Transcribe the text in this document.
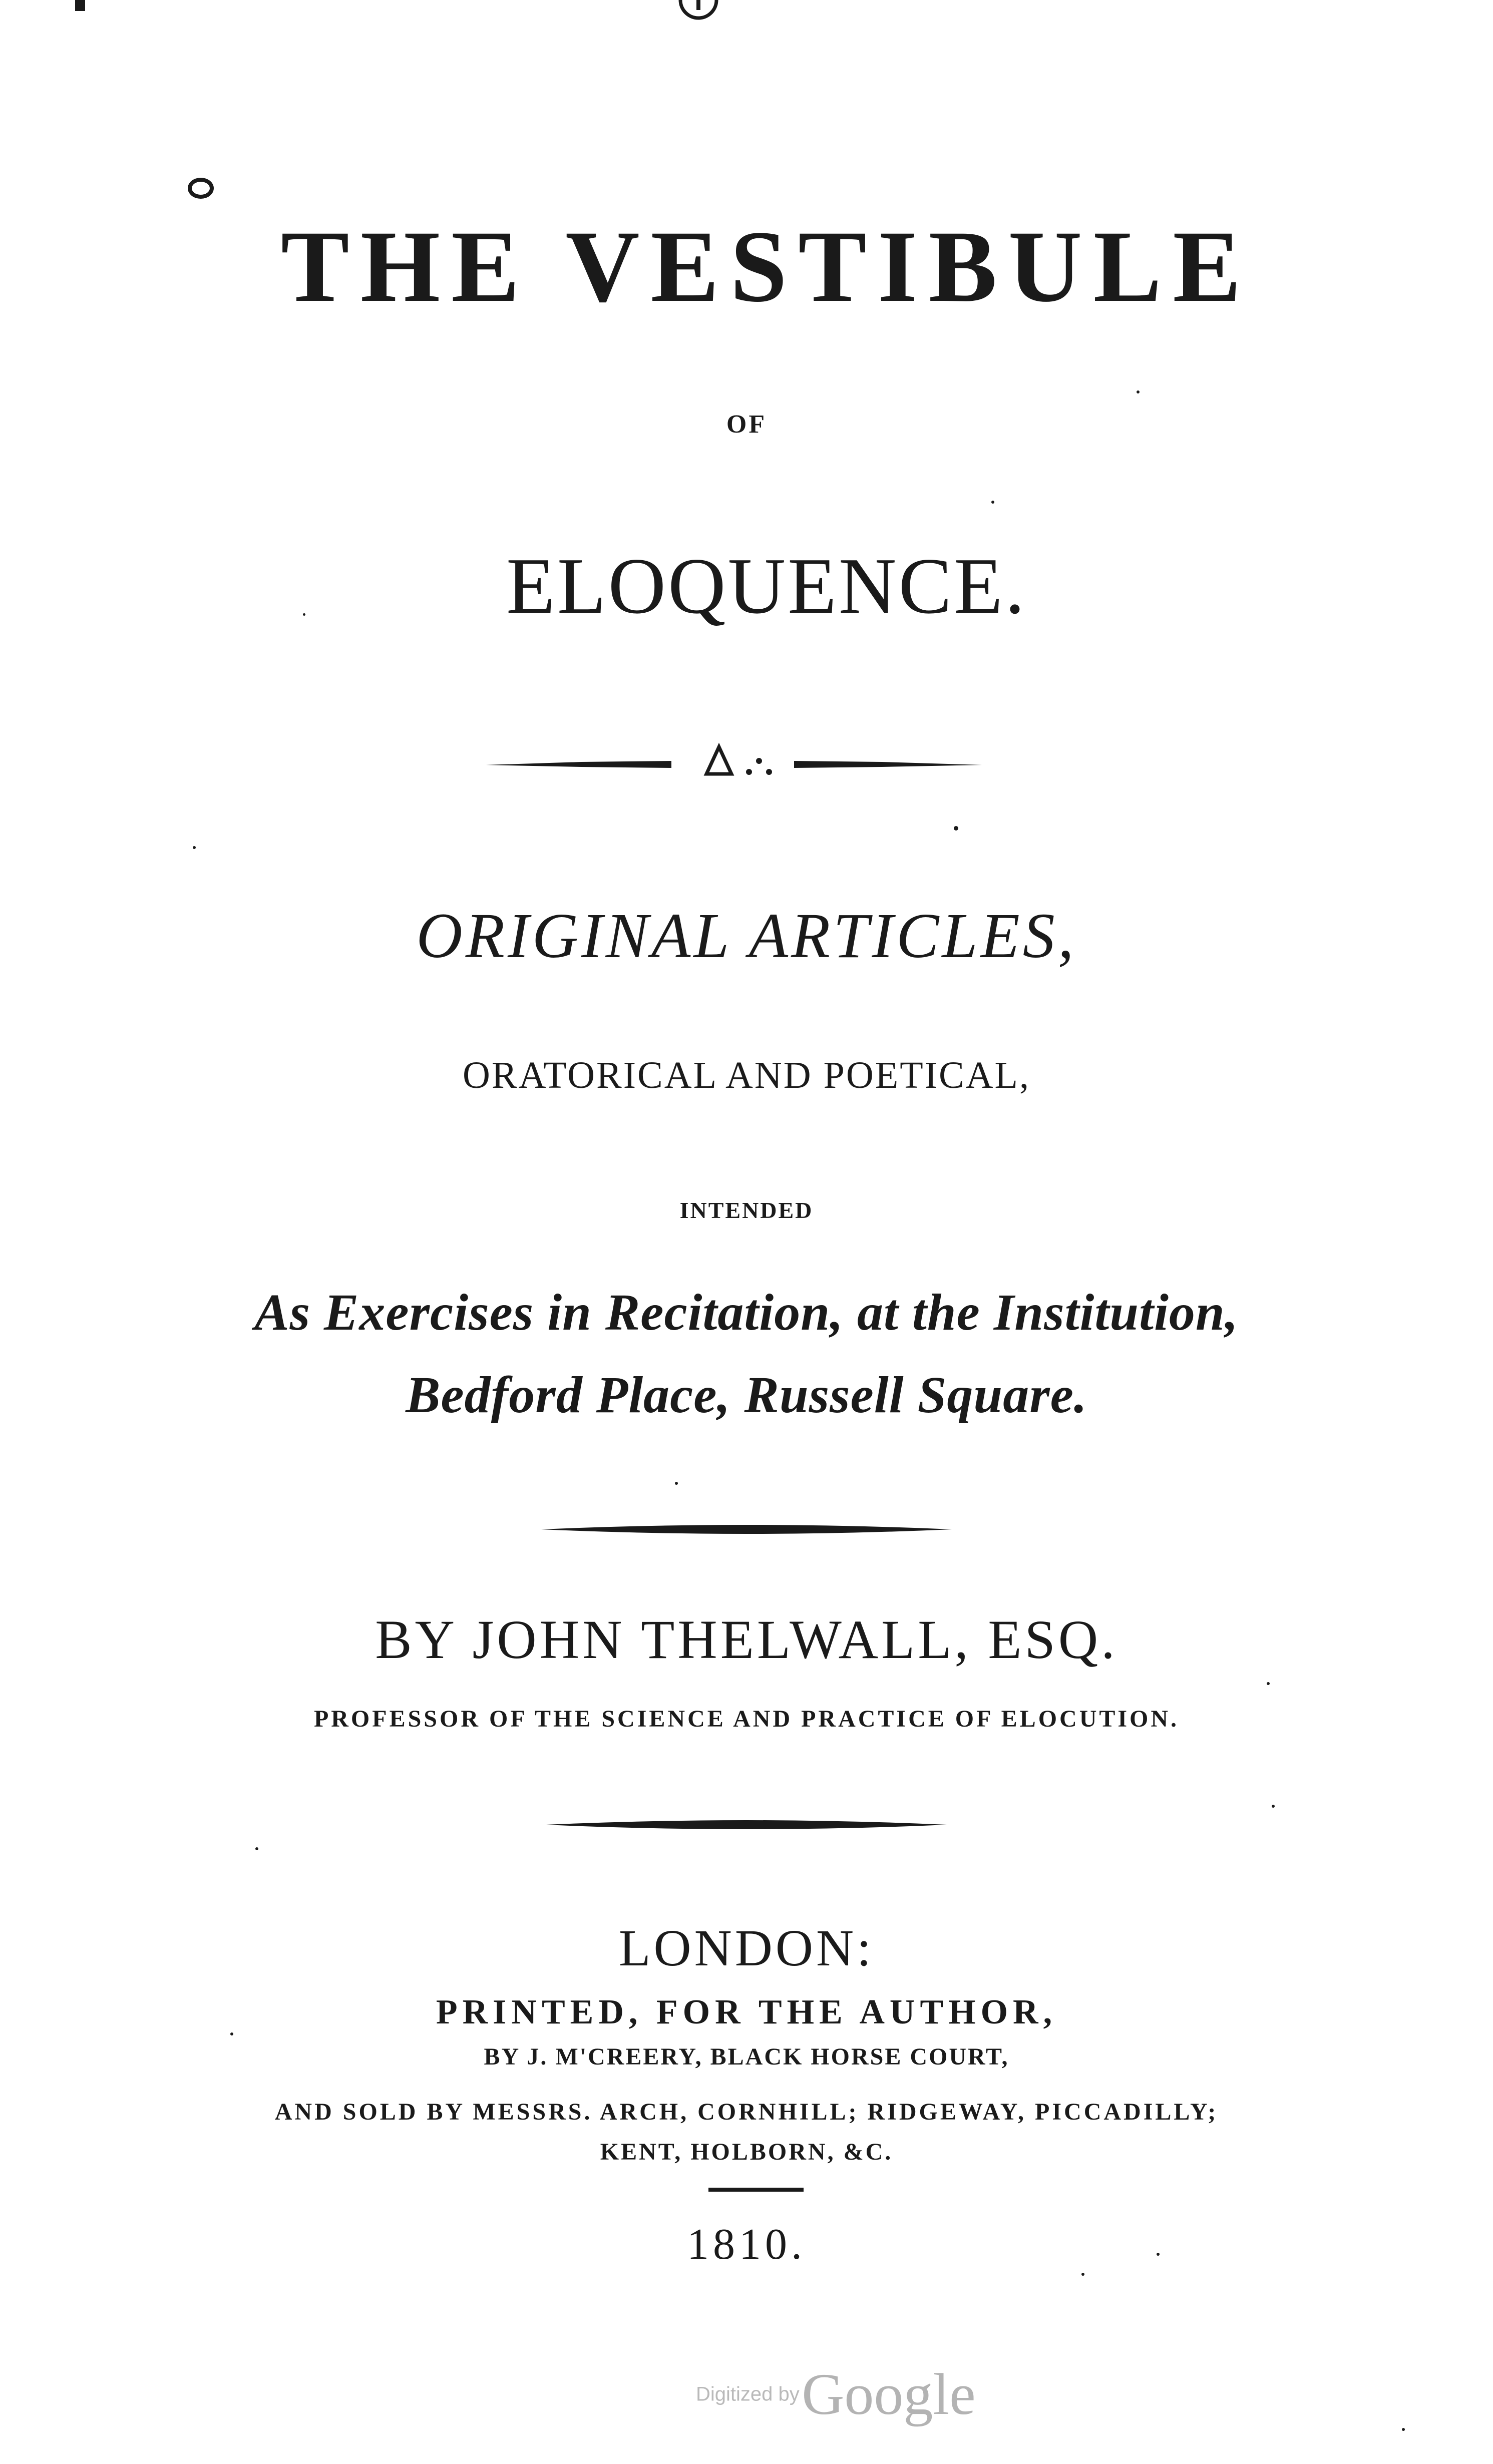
THE VESTIBULE
OF
ELOQUENCE.
ORIGINAL ARTICLES,
ORATORICAL AND POETICAL,
INTENDED
As Exercises in Recitation, at the Institution,
Bedford Place, Russell Square.
BY JOHN THELWALL, ESQ.
PROFESSOR OF THE SCIENCE AND PRACTICE OF ELOCUTION.
LONDON:
PRINTED, FOR THE AUTHOR,
BY J. M'CREERY, BLACK HORSE COURT,
AND SOLD BY MESSRS. ARCH, CORNHILL; RIDGEWAY, PICCADILLY;
KENT, HOLBORN, &C.
1810.
Digitized by Google
